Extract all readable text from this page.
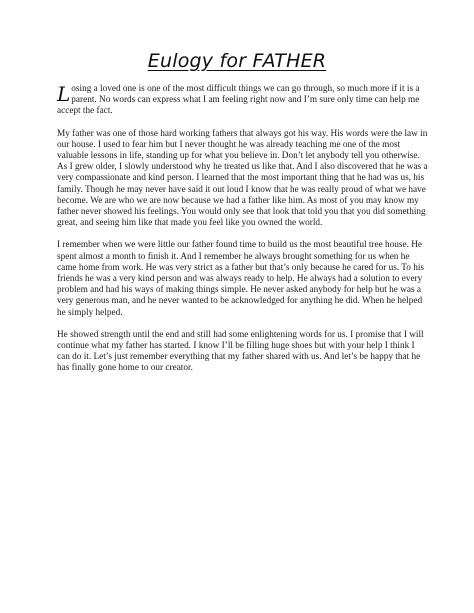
Eulogy for FATHER

Losing a loved one is one of the most difficult things we can go through, so much more if it is a parent. No words can express what I am feeling right now and I’m sure only time can help me accept the fact.

My father was one of those hard working fathers that always got his way. His words were the law in our house. I used to fear him but I never thought he was already teaching me one of the most valuable lessons in life, standing up for what you believe in. Don’t let anybody tell you otherwise. As I grew older, I slowly understood why he treated us like that. And I also discovered that he was a very compassionate and kind person. I learned that the most important thing that he had was us, his family. Though he may never have said it out loud I know that he was really proud of what we have become. We are who we are now because we had a father like him. As most of you may know my father never showed his feelings. You would only see that look that told you that you did something great, and seeing him like that made you feel like you owned the world.

I remember when we were little our father found time to build us the most beautiful tree house. He spent almost a month to finish it. And I remember he always brought something for us when he came home from work. He was very strict as a father but that’s only because he cared for us. To his friends he was a very kind person and was always ready to help. He always had a solution to every problem and had his ways of making things simple. He never asked anybody for help but he was a very generous man, and he never wanted to be acknowledged for anything he did. When he helped he simply helped.

He showed strength until the end and still had some enlightening words for us. I promise that I will continue what my father has started. I know I’ll be filling huge shoes but with your help I think I can do it. Let’s just remember everything that my father shared with us. And let’s be happy that he has finally gone home to our creator.
